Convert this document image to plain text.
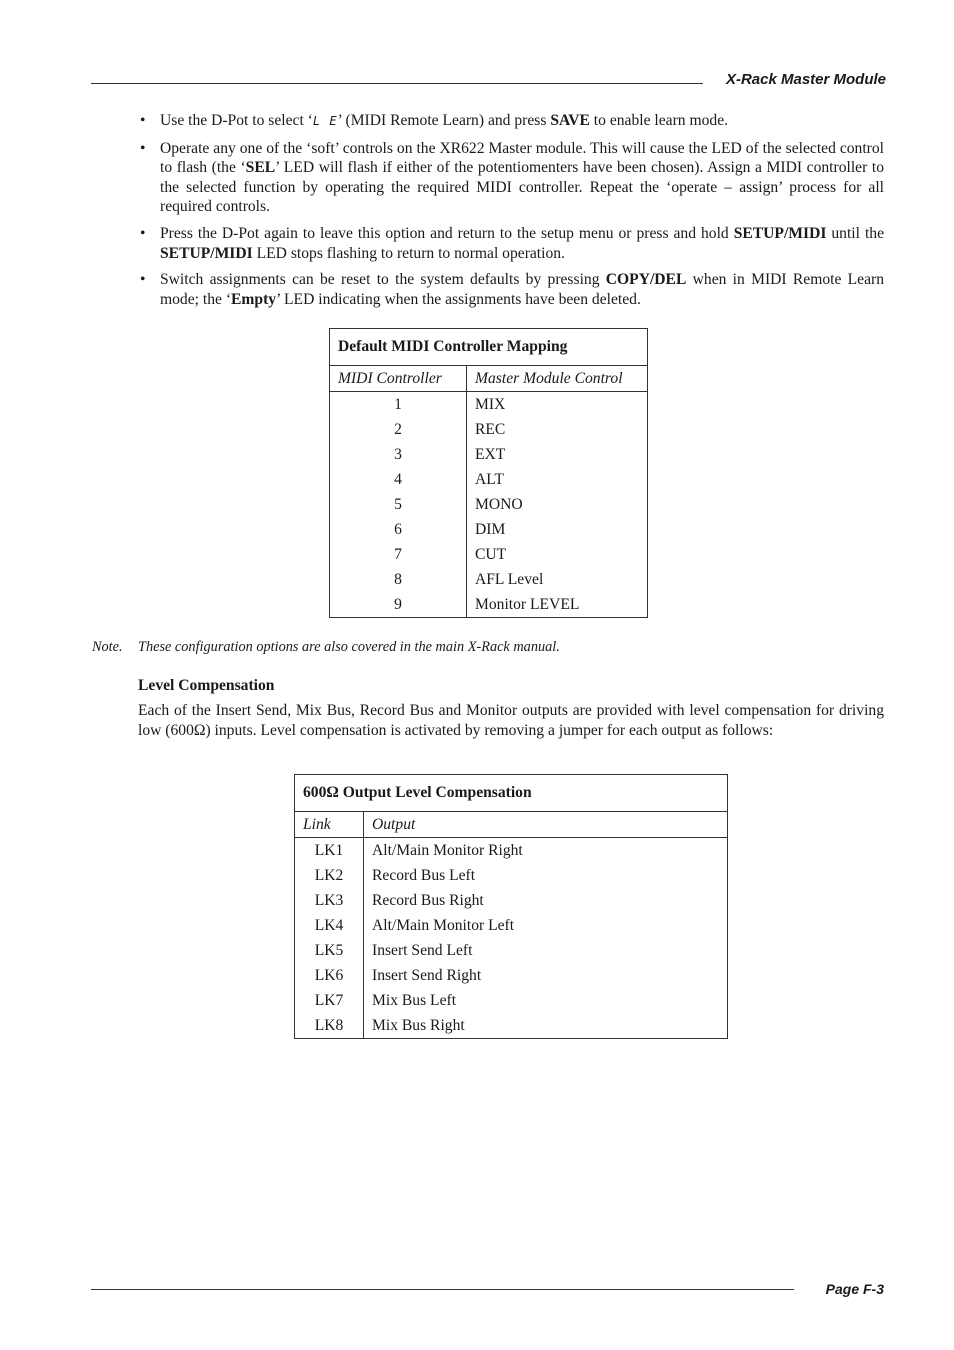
X-Rack Master Module
• Use the D-Pot to select ‘L E’ (MIDI Remote Learn) and press SAVE to enable learn mode.
• Operate any one of the ‘soft’ controls on the XR622 Master module. This will cause the LED of the selected control to flash (the ‘SEL’ LED will flash if either of the potentiomenters have been chosen). Assign a MIDI controller to the selected function by operating the required MIDI controller. Repeat the ‘operate – assign’ process for all required controls.
• Press the D-Pot again to leave this option and return to the setup menu or press and hold SETUP/MIDI until the SETUP/MIDI LED stops flashing to return to normal operation.
• Switch assignments can be reset to the system defaults by pressing COPY/DEL when in MIDI Remote Learn mode; the ‘Empty’ LED indicating when the assignments have been deleted.
Default MIDI Controller Mapping	
MIDI Controller	Master Module Control
1	MIX
2	REC
3	EXT
4	ALT
5	MONO
6	DIM
7	CUT
8	AFL Level
9	Monitor LEVEL
Note. These configuration options are also covered in the main X-Rack manual.
Level Compensation

Each of the Insert Send, Mix Bus, Record Bus and Monitor outputs are provided with level compensation for driving low (600Ω) inputs. Level compensation is activated by removing a jumper for each output as follows:

600Ω Output Level Compensation	
Link	Output
LK1	Alt/Main Monitor Right
LK2	Record Bus Left
LK3	Record Bus Right
LK4	Alt/Main Monitor Left
LK5	Insert Send Left
LK6	Insert Send Right
LK7	Mix Bus Left
LK8	Mix Bus Right
Page F-3
